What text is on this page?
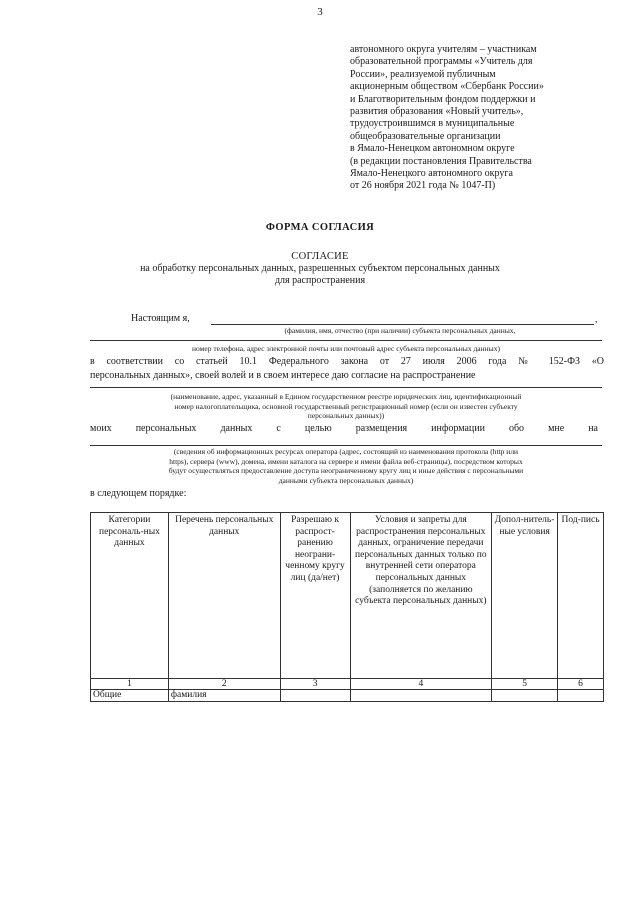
3
автономного округа учителям – участникам
образовательной программы «Учитель для
России», реализуемой публичным
акционерным обществом «Сбербанк России»
и Благотворительным фондом поддержки и
развития образования «Новый учитель»,
трудоустроившимся в муниципальные
общеобразовательные организации
в Ямало-Ненецком автономном округе
(в редакции постановления Правительства
Ямало-Ненецкого автономного округа
от 26 ноября 2021 года № 1047-П)
ФОРМА СОГЛАСИЯ
СОГЛАСИЕ
на обработку персональных данных, разрешенных субъектом персональных данных
для распространения
Настоящим я,	,
(фамилия, имя, отчество (при наличии) субъекта персональных данных,
номер телефона, адрес электронной почты или почтовый адрес субъекта персональных данных)
в соответствии со статьей 10.1 Федерального закона от 27 июля 2006 года № 152-ФЗ «О
персональных данных», своей волей и в своем интересе даю согласие на распространение
(наименование, адрес, указанный в Едином государственном реестре юридических лиц, идентификационный
номер налогоплательщика, основной государственный регистрационный номер (если он известен субъекту
персональных данных))
моих персональных данных с целью размещения информации обо мне на
(сведения об информационных ресурсах оператора (адрес, состоящий из наименования протокола (http или
https), сервера (www), домена, имени каталога на сервере и имени файла веб-страницы), посредством которых
будут осуществляться предоставление доступа неограниченному кругу лиц и иные действия с персональными
данными субъекта персональных данных)
в следующем порядке:
Категории персональ-ных данных	Перечень персональных данных	Разрешаю к распрост-ранению неограни-ченному кругу лиц (да/нет)	Условия и запреты для распространения персональных данных, ограничение передачи персональных данных только по внутренней сети оператора персональных данных (заполняется по желанию субъекта персональных данных)	Допол-нитель-ные условия	Под-пись
1	2	3	4	5	6
Общие	фамилия				
